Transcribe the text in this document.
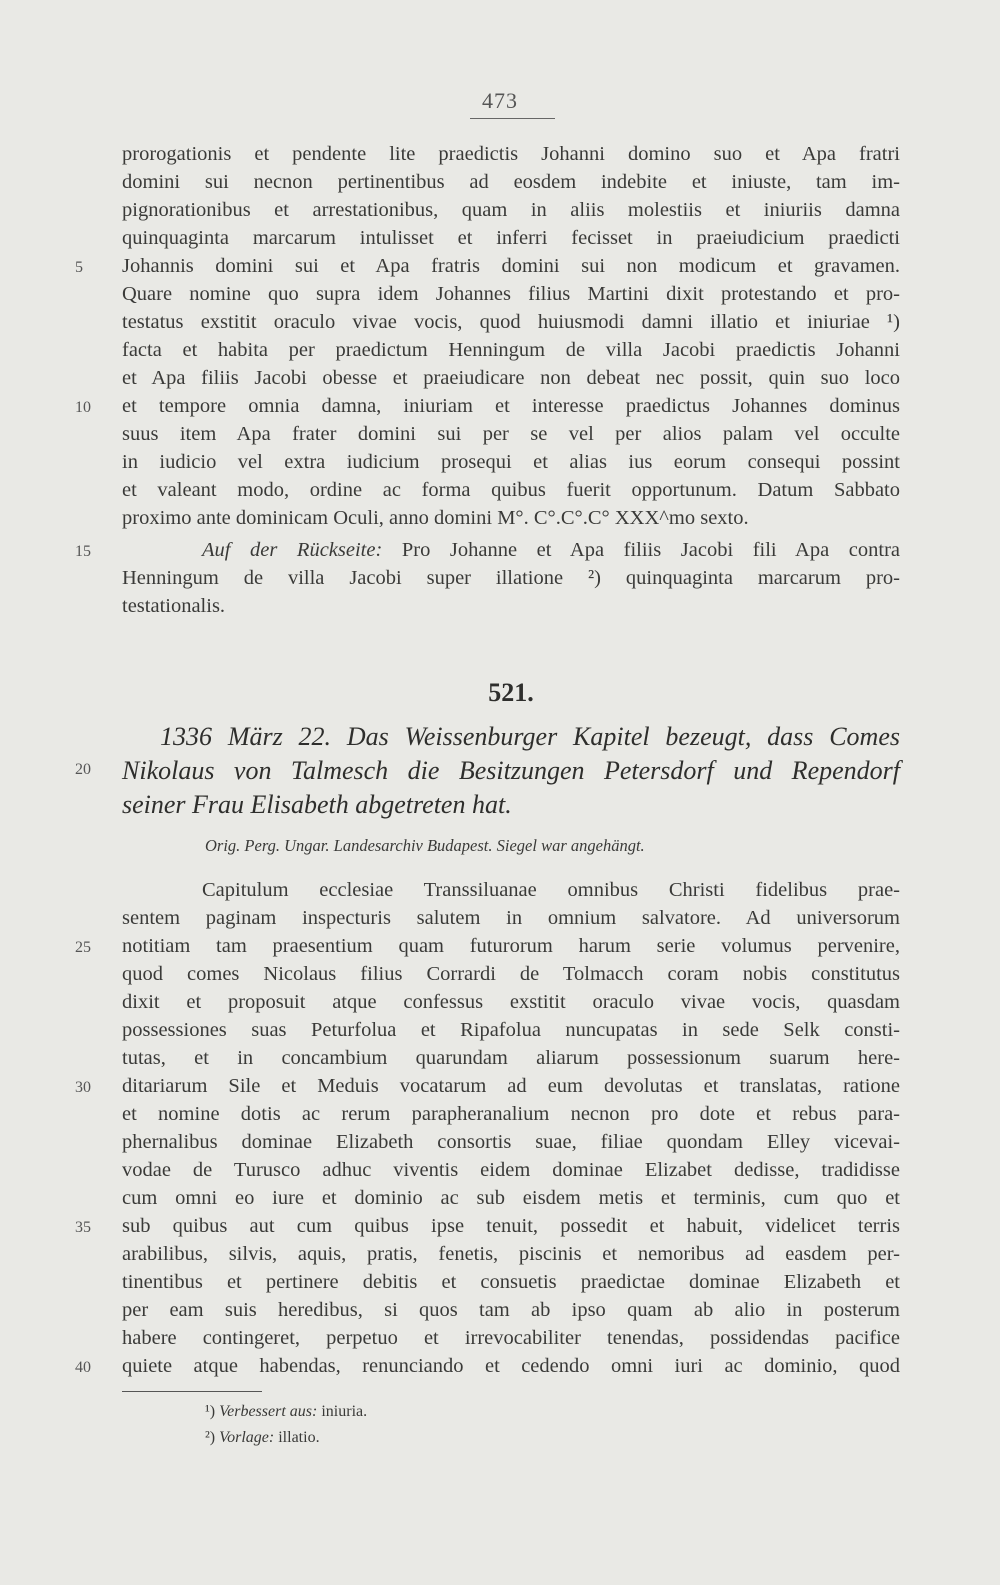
473
prorogationis et pendente lite praedictis Johanni domino suo et Apa fratri
domini sui necnon pertinentibus ad eosdem indebite et iniuste, tam im-
pignorationibus et arrestationibus, quam in aliis molestiis et iniuriis damna
quinquaginta marcarum intulisset et inferri fecisset in praeiudicium praedicti
Johannis domini sui et Apa fratris domini sui non modicum et gravamen.
Quare nomine quo supra idem Johannes filius Martini dixit protestando et pro-
testatus exstitit oraculo vivae vocis, quod huiusmodi damni illatio et iniuriae ¹)
facta et habita per praedictum Henningum de villa Jacobi praedictis Johanni
et Apa filiis Jacobi obesse et praeiudicare non debeat nec possit, quin suo loco
et tempore omnia damna, iniuriam et interesse praedictus Johannes dominus
suus item Apa frater domini sui per se vel per alios palam vel occulte
in iudicio vel extra iudicium prosequi et alias ius eorum consequi possint
et valeant modo, ordine ac forma quibus fuerit opportunum. Datum Sabbato
proximo ante dominicam Oculi, anno domini M°. C°.C°.C° XXX^mo sexto.
Auf der Rückseite: Pro Johanne et Apa filiis Jacobi fili Apa contra
Henningum de villa Jacobi super illatione ²) quinquaginta marcarum pro-
testationalis.
521.
1336 März 22. Das Weissenburger Kapitel bezeugt, dass Comes
Nikolaus von Talmesch die Besitzungen Petersdorf und Rependorf
seiner Frau Elisabeth abgetreten hat.
Orig. Perg. Ungar. Landesarchiv Budapest. Siegel war angehängt.
Capitulum ecclesiae Transsiluanae omnibus Christi fidelibus prae-
sentem paginam inspecturis salutem in omnium salvatore. Ad universorum
notitiam tam praesentium quam futurorum harum serie volumus pervenire,
quod comes Nicolaus filius Corrardi de Tolmacch coram nobis constitutus
dixit et proposuit atque confessus exstitit oraculo vivae vocis, quasdam
possessiones suas Peturfolua et Ripafolua nuncupatas in sede Selk consti-
tutas, et in concambium quarundam aliarum possessionum suarum here-
ditariarum Sile et Meduis vocatarum ad eum devolutas et translatas, ratione
et nomine dotis ac rerum parapheranalium necnon pro dote et rebus para-
phernalibus dominae Elizabeth consortis suae, filiae quondam Elley vicevai-
vodae de Turusco adhuc viventis eidem dominae Elizabet dedisse, tradidisse
cum omni eo iure et dominio ac sub eisdem metis et terminis, cum quo et
sub quibus aut cum quibus ipse tenuit, possedit et habuit, videlicet terris
arabilibus, silvis, aquis, pratis, fenetis, piscinis et nemoribus ad easdem per-
tinentibus et pertinere debitis et consuetis praedictae dominae Elizabeth et
per eam suis heredibus, si quos tam ab ipso quam ab alio in posterum
habere contingeret, perpetuo et irrevocabiliter tenendas, possidendas pacifice
quiete atque habendas, renunciando et cedendo omni iuri ac dominio, quod
5
10
15
20
25
30
35
40
¹) Verbessert aus: iniuria.
²) Vorlage: illatio.
